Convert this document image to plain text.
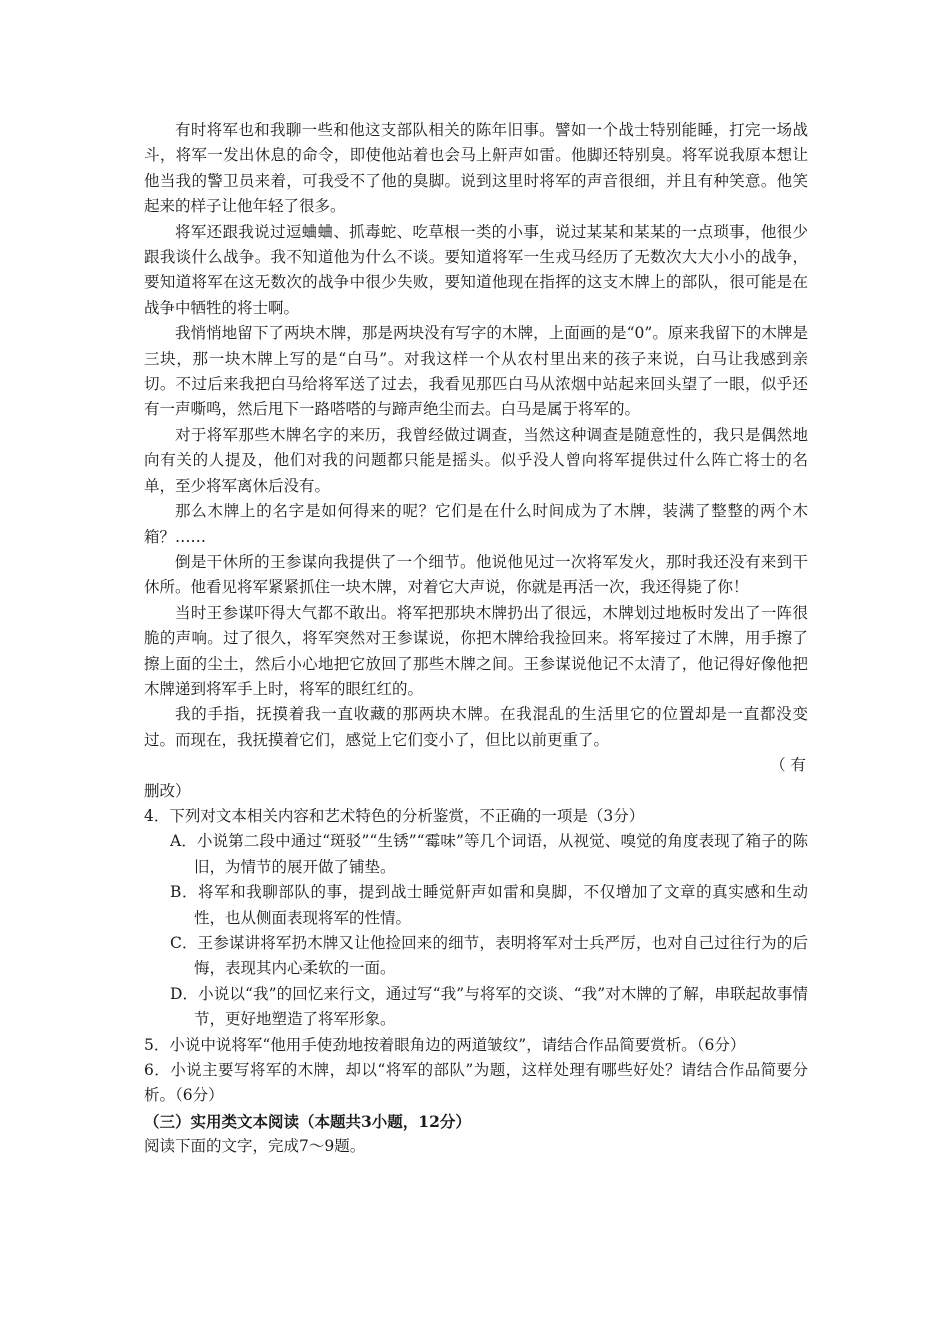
有时将军也和我聊一些和他这支部队相关的陈年旧事。譬如一个战士特别能睡，打完一场战斗，将军一发出休息的命令，即使他站着也会马上鼾声如雷。他脚还特别臭。将军说我原本想让他当我的警卫员来着，可我受不了他的臭脚。说到这里时将军的声音很细，并且有种笑意。他笑起来的样子让他年轻了很多。

将军还跟我说过逗蛐蛐、抓毒蛇、吃草根一类的小事，说过某某和某某的一点琐事，他很少跟我谈什么战争。我不知道他为什么不谈。要知道将军一生戎马经历了无数次大大小小的战争，要知道将军在这无数次的战争中很少失败，要知道他现在指挥的这支木牌上的部队，很可能是在战争中牺牲的将士啊。

我悄悄地留下了两块木牌，那是两块没有写字的木牌，上面画的是“0”。原来我留下的木牌是三块，那一块木牌上写的是“白马”。对我这样一个从农村里出来的孩子来说，白马让我感到亲切。不过后来我把白马给将军送了过去，我看见那匹白马从浓烟中站起来回头望了一眼，似乎还有一声嘶鸣，然后甩下一路嗒嗒的与蹄声绝尘而去。白马是属于将军的。

对于将军那些木牌名字的来历，我曾经做过调查，当然这种调查是随意性的，我只是偶然地向有关的人提及，他们对我的问题都只能是摇头。似乎没人曾向将军提供过什么阵亡将士的名单，至少将军离休后没有。

那么木牌上的名字是如何得来的呢？它们是在什么时间成为了木牌，装满了整整的两个木箱？……

倒是干休所的王参谋向我提供了一个细节。他说他见过一次将军发火，那时我还没有来到干休所。他看见将军紧紧抓住一块木牌，对着它大声说，你就是再活一次，我还得毙了你！

当时王参谋吓得大气都不敢出。将军把那块木牌扔出了很远，木牌划过地板时发出了一阵很脆的声响。过了很久，将军突然对王参谋说，你把木牌给我捡回来。将军接过了木牌，用手擦了擦上面的尘土，然后小心地把它放回了那些木牌之间。王参谋说他记不太清了，他记得好像他把木牌递到将军手上时，将军的眼红红的。

我的手指，抚摸着我一直收藏的那两块木牌。在我混乱的生活里它的位置却是一直都没变过。而现在，我抚摸着它们，感觉上它们变小了，但比以前更重了。

（ 有
删改）

4．下列对文本相关内容和艺术特色的分析鉴赏，不正确的一项是（3分）

A．小说第二段中通过“斑驳”“生锈”“霉味”等几个词语，从视觉、嗅觉的角度表现了箱子的陈旧，为情节的展开做了铺垫。

B．将军和我聊部队的事，提到战士睡觉鼾声如雷和臭脚，不仅增加了文章的真实感和生动性，也从侧面表现将军的性情。

C．王参谋讲将军扔木牌又让他捡回来的细节，表明将军对士兵严厉，也对自己过往行为的后悔，表现其内心柔软的一面。

D．小说以“我”的回忆来行文，通过写“我”与将军的交谈、“我”对木牌的了解，串联起故事情节，更好地塑造了将军形象。

5．小说中说将军“他用手使劲地按着眼角边的两道皱纹”，请结合作品简要赏析。（6分）

6．小说主要写将军的木牌，却以“将军的部队”为题，这样处理有哪些好处？请结合作品简要分析。（6分）

（三）实用类文本阅读（本题共3小题，12分）

阅读下面的文字，完成7～9题。
